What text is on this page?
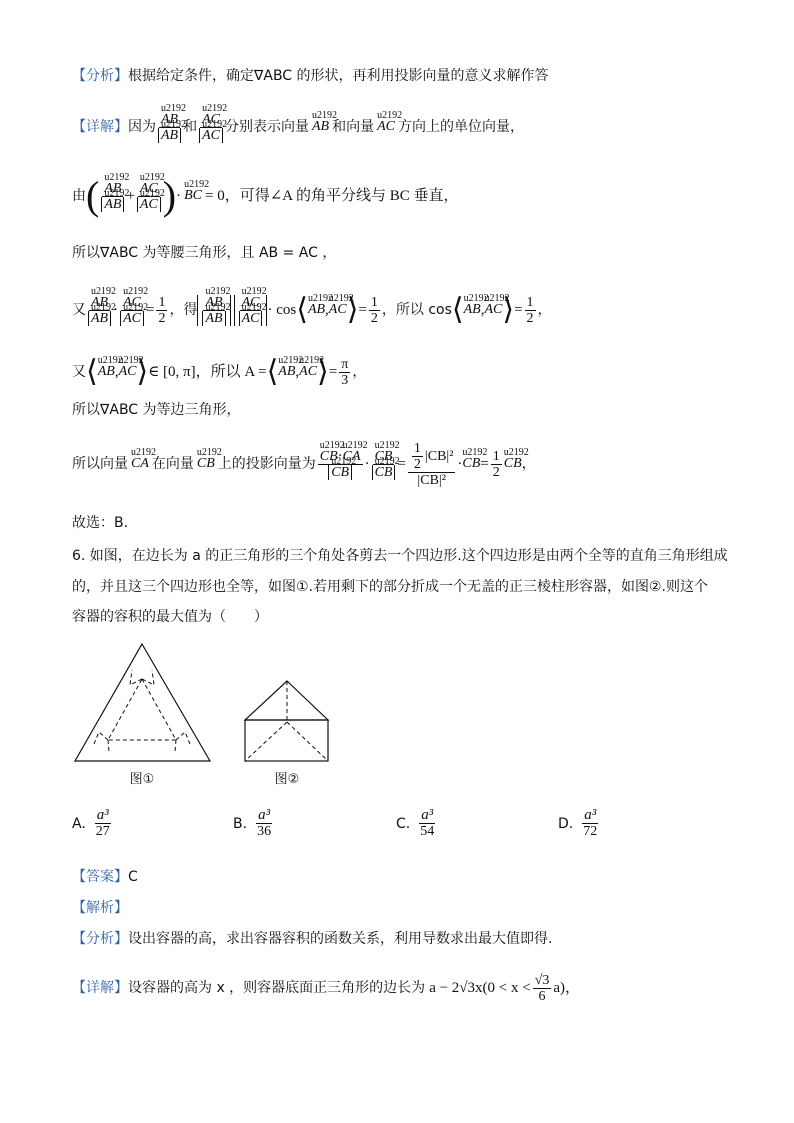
【分析】根据给定条件，确定∇ABC 的形状，再利用投影向量的意义求解作答
【详解】 因为
u2192 AB
u2192 AB 和
u2192 AC
u2192 AC 分别表示向量
u2192 AB 和向量
u2192 AC 方向上的单位向量，
由 (
u2192 AB
u2192 AB +
u2192 AC
u2192 AC ) ·
u2192 BC = 0，可得∠A 的角平分线与 BC 垂直，
所以∇ABC 为等腰三角形，且 AB = AC ，
又
u2192 AB
u2192 AB ·
u2192 AC
u2192 AC = $\frac{1}{2}$ ，得
u2192 AB
u2192 AB
u2192 AC
u2192 AC · cos ⟨
u2192 AB ,
u2192 AC ⟩ = $\frac{1}{2}$ ，所以 cos ⟨
u2192 AB ,
u2192 AC ⟩ = $\frac{1}{2}$ ，
又 ⟨
u2192 AB ,
u2192 AC ⟩ ∈ [0, π]，所以 A = ⟨
u2192 AB ,
u2192 AC ⟩ = $\frac{\pi}{3}$ ，
所以∇ABC 为等边三角形，
所以向量
u2192 CA 在向量
u2192 CB 上的投影向量为
u2192 CB·u2192 CA
u2192 CB ·
u2192 CB
u2192 CB = $\frac{\frac{1}{2} |CB|^2}{\text{|CB|²}}$ ·
u2192 CB = $\frac{1}{2}$
u2192 CB ，
故选：B.
6. 如图，在边长为 a 的正三角形的三个角处各剪去一个四边形.这个四边形是由两个全等的直角三角形组成
的，并且这三个四边形也全等，如图①.若用剩下的部分折成一个无盖的正三棱柱形容器，如图②.则这个
容器的容积的最大值为（　　）
图①	图②
A. $\frac{\text{a³}}{27}$	B. $\frac{\text{a³}}{36}$	C. $\frac{\text{a³}}{54}$	D. $\frac{\text{a³}}{72}$
【答案】C
【解析】
【分析】设出容器的高，求出容器容积的函数关系，利用导数求出最大值即得.
【详解】 设容器的高为 x ，则容器底面正三角形的边长为 $a - 2√3x(0 < x < \frac{√3}{6} a)$，
